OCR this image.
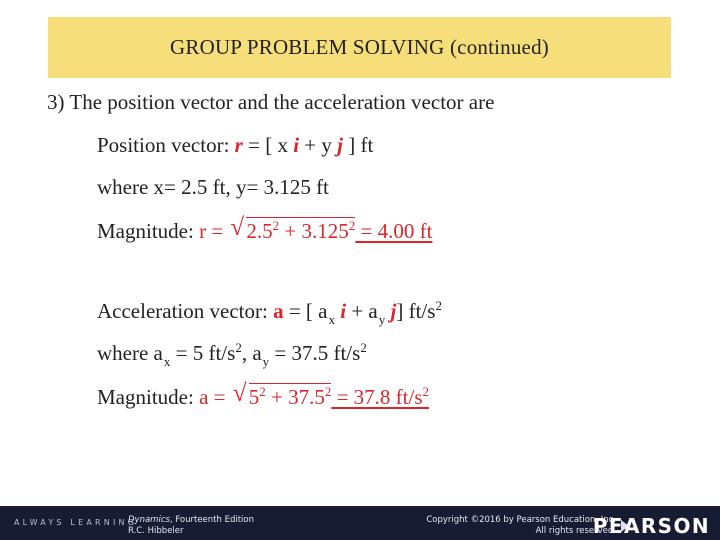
GROUP PROBLEM SOLVING (continued)
3) The position vector and the acceleration vector are
Position vector: r = [ x i + y j ] ft
where x= 2.5 ft, y= 3.125 ft
Magnitude: r = √ $2.5^2 + 3.125^2 = 4.00$ ft
Acceleration vector: a = [ $a_x$ $i + a_y$ j] $ft/s^2$
where $a_x = 5$ $ft/s^2$, $a_y = 37.5$ $ft/s^2$
Magnitude: a = √ $5^2 + 37.5^2 = 37.8$ $ft/s^2$
ALWAYS LEARNING
Dynamics, Fourteenth Edition
R.C. Hibbeler
Copyright ©2016 by Pearson Education, Inc.
All rights reserved.
PEARSON
